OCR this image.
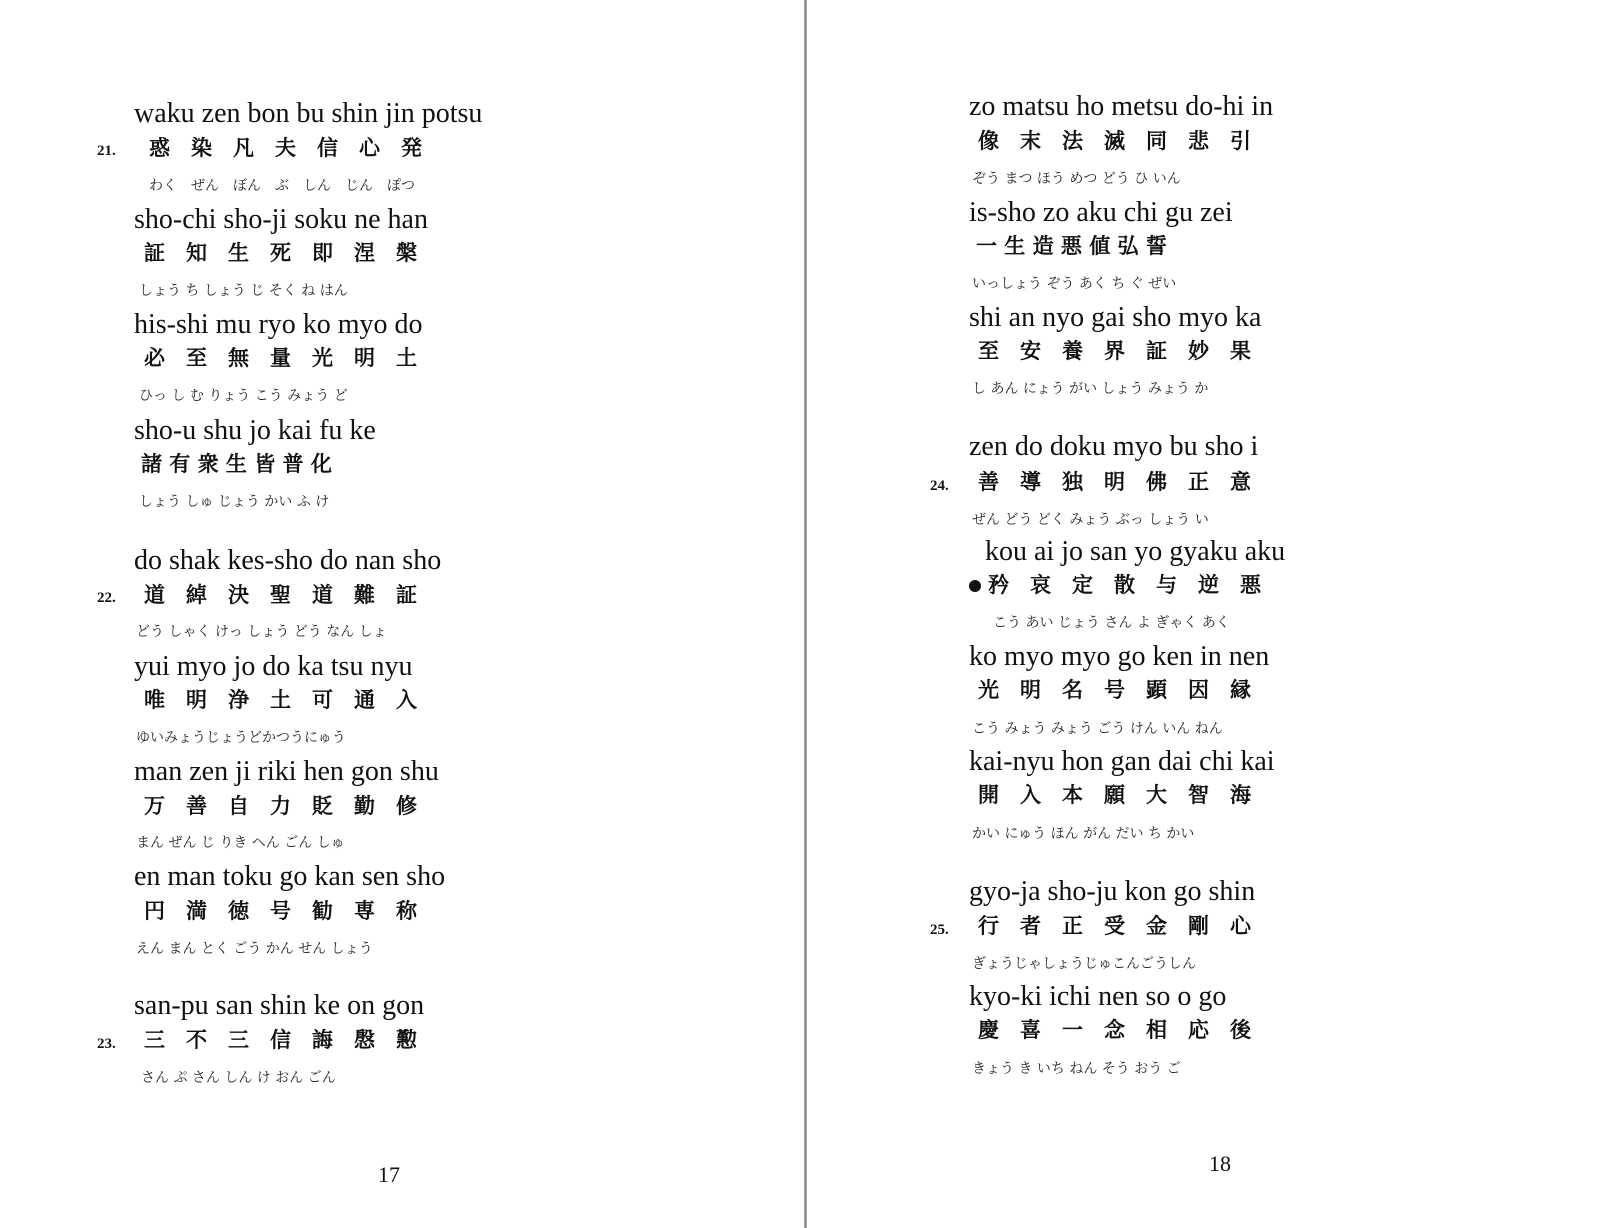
waku zen bon bu shin jin potsu
21. 惑　染　凡　夫　信　心　発
わく　ぜん　ぼん　ぶ　しん　じん　ぽつ
sho-chi sho-ji soku ne han
証　知　生　死　即　涅　槃
しょう ち しょう じ そく ね はん
his-shi mu ryo ko myo do
必　至　無　量　光　明　土
ひっ し む りょう こう みょう ど
sho-u shu jo kai fu ke
諸 有 衆 生 皆 普 化
しょう しゅ じょう かい ふ け
do shak kes-sho do nan sho
22. 道　綽　決　聖　道　難　証
どう しゃく けっ しょう どう なん しょ
yui myo jo do ka tsu nyu
唯　明　浄　土　可　通　入
ゆいみょうじょうどかつうにゅう
man zen ji riki hen gon shu
万　善　自　力　貶　勤　修
まん ぜん じ りき へん ごん しゅ
en man toku go kan sen sho
円　満　徳　号　勧　専　称
えん まん とく ごう かん せん しょう
san-pu san shin ke on gon
23. 三　不　三　信　誨　慇　懃
さん ぷ さん しん け おん ごん
17
zo matsu ho metsu do-hi in
像　末　法　滅　同　悲　引
ぞう まつ ほう めつ どう ひ いん
is-sho zo aku chi gu zei
一 生 造 悪 値 弘 誓
いっしょう ぞう あく ち ぐ ぜい
shi an nyo gai sho myo ka
至　安　養　界　証　妙　果
し あん にょう がい しょう みょう か
zen do doku myo bu sho i
24. 善　導　独　明　佛　正　意
ぜん どう どく みょう ぶっ しょう い
kou ai jo san yo gyaku aku
矜　哀　定　散　与　逆　悪
こう あい じょう さん よ ぎゃく あく
ko myo myo go ken in nen
光　明　名　号　顕　因　縁
こう みょう みょう ごう けん いん ねん
kai-nyu hon gan dai chi kai
開　入　本　願　大　智　海
かい にゅう ほん がん だい ち かい
gyo-ja sho-ju kon go shin
25. 行　者　正　受　金　剛　心
ぎょうじゃしょうじゅこんごうしん
kyo-ki ichi nen so o go
慶　喜　一　念　相　応　後
きょう き いち ねん そう おう ご
18
